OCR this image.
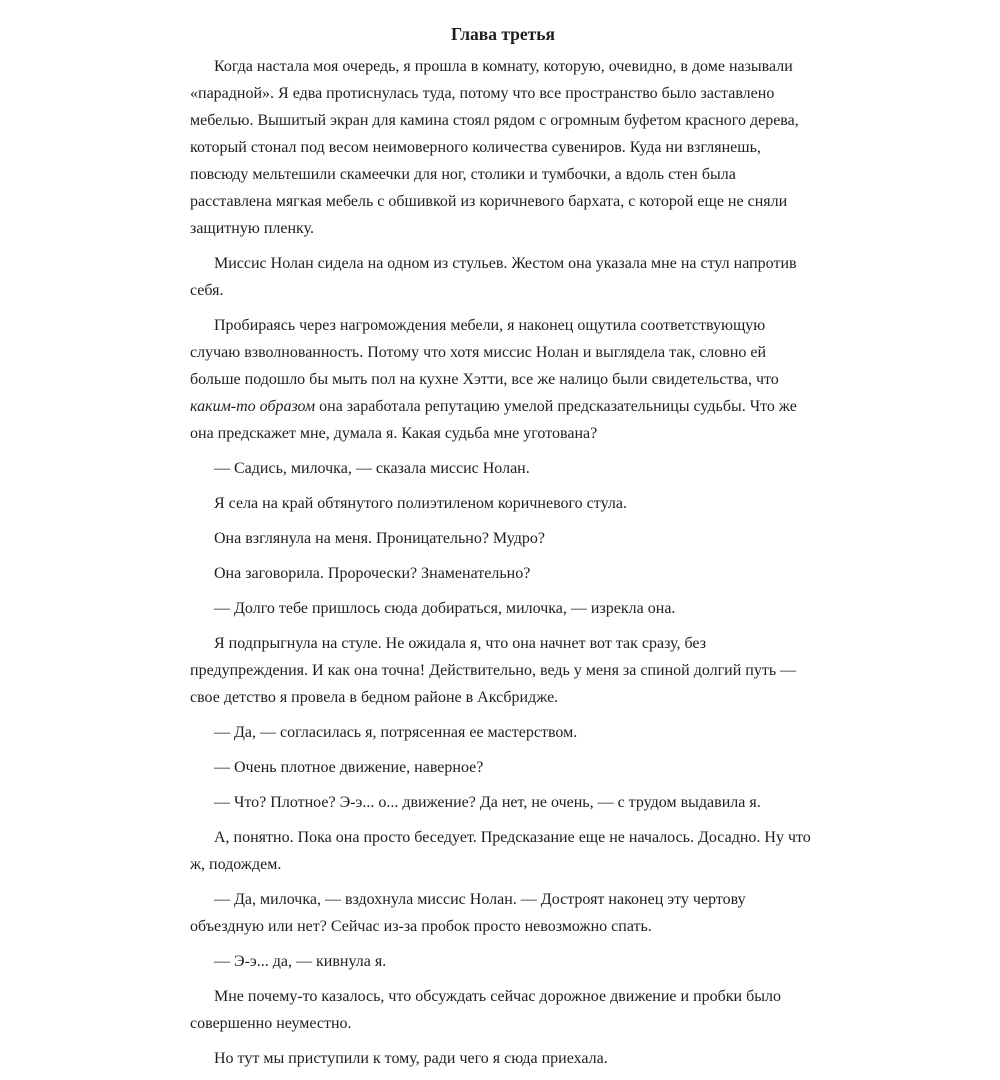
Глава третья

Когда настала моя очередь, я прошла в комнату, которую, очевидно, в доме называли «парадной». Я едва протиснулась туда, потому что все пространство было заставлено мебелью. Вышитый экран для камина стоял рядом с огромным буфетом красного дерева, который стонал под весом неимоверного количества сувениров. Куда ни взглянешь, повсюду мельтешили скамеечки для ног, столики и тумбочки, а вдоль стен была расставлена мягкая мебель с обшивкой из коричневого бархата, с которой еще не сняли защитную пленку.

Миссис Нолан сидела на одном из стульев. Жестом она указала мне на стул напротив себя.

Пробираясь через нагромождения мебели, я наконец ощутила соответствующую случаю взволнованность. Потому что хотя миссис Нолан и выглядела так, словно ей больше подошло бы мыть пол на кухне Хэтти, все же налицо были свидетельства, что каким-то образом она заработала репутацию умелой предсказательницы судьбы. Что же она предскажет мне, думала я. Какая судьба мне уготована?

— Садись, милочка, — сказала миссис Нолан.

Я села на край обтянутого полиэтиленом коричневого стула.

Она взглянула на меня. Проницательно? Мудро?

Она заговорила. Пророчески? Знаменательно?

— Долго тебе пришлось сюда добираться, милочка, — изрекла она.

Я подпрыгнула на стуле. Не ожидала я, что она начнет вот так сразу, без предупреждения. И как она точна! Действительно, ведь у меня за спиной долгий путь — свое детство я провела в бедном районе в Аксбридже.

— Да, — согласилась я, потрясенная ее мастерством.

— Очень плотное движение, наверное?

— Что? Плотное? Э-э... о... движение? Да нет, не очень, — с трудом выдавила я.

А, понятно. Пока она просто беседует. Предсказание еще не началось. Досадно. Ну что ж, подождем.

— Да, милочка, — вздохнула миссис Нолан. — Достроят наконец эту чертову объездную или нет? Сейчас из-за пробок просто невозможно спать.

— Э-э... да, — кивнула я.

Мне почему-то казалось, что обсуждать сейчас дорожное движение и пробки было совершенно неуместно.

Но тут мы приступили к тому, ради чего я сюда приехала.
